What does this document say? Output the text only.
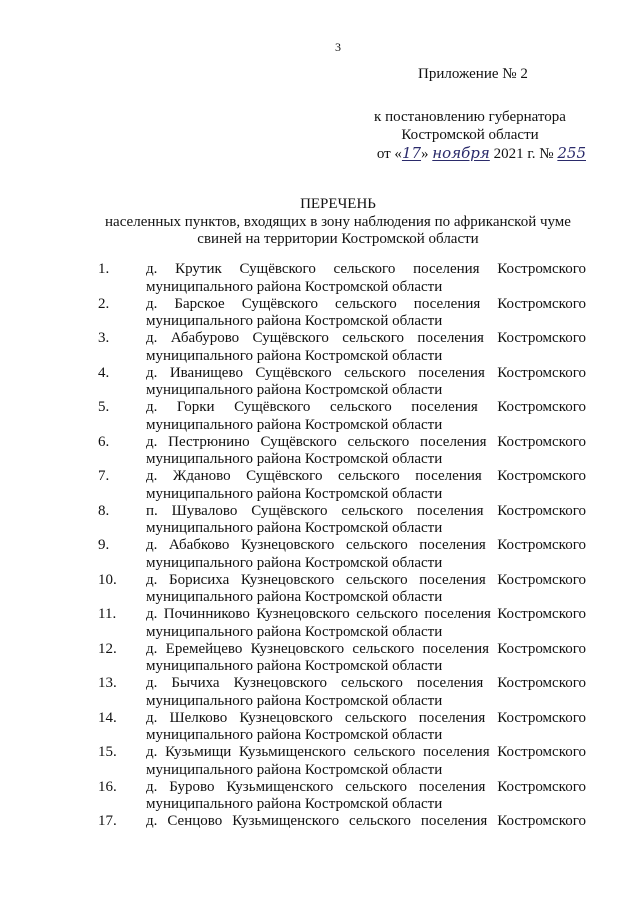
3
Приложение № 2
к постановлению губернатора
Костромской области
от «17» ноября 2021 г. № 255
ПЕРЕЧЕНЬ
населенных пунктов, входящих в зону наблюдения по африканской чуме
свиней на территории Костромской области
1. д. Крутик Сущёвского сельского поселения Костромского
муниципального района Костромской области
2. д. Барское Сущёвского сельского поселения Костромского
муниципального района Костромской области
3. д. Абабурово Сущёвского сельского поселения Костромского
муниципального района Костромской области
4. д. Иванищево Сущёвского сельского поселения Костромского
муниципального района Костромской области
5. д. Горки Сущёвского сельского поселения Костромского
муниципального района Костромской области
6. д. Пестрюнино Сущёвского сельского поселения Костромского
муниципального района Костромской области
7. д. Жданово Сущёвского сельского поселения Костромского
муниципального района Костромской области
8. п. Шувалово Сущёвского сельского поселения Костромского
муниципального района Костромской области
9. д. Абабково Кузнецовского сельского поселения Костромского
муниципального района Костромской области
10. д. Борисиха Кузнецовского сельского поселения Костромского
муниципального района Костромской области
11. д. Починниково Кузнецовского сельского поселения Костромского
муниципального района Костромской области
12. д. Еремейцево Кузнецовского сельского поселения Костромского
муниципального района Костромской области
13. д. Бычиха Кузнецовского сельского поселения Костромского
муниципального района Костромской области
14. д. Шелково Кузнецовского сельского поселения Костромского
муниципального района Костромской области
15. д. Кузьмищи Кузьмищенского сельского поселения Костромского
муниципального района Костромской области
16. д. Бурово Кузьмищенского сельского поселения Костромского
муниципального района Костромской области
17. д. Сенцово Кузьмищенского сельского поселения Костромского
